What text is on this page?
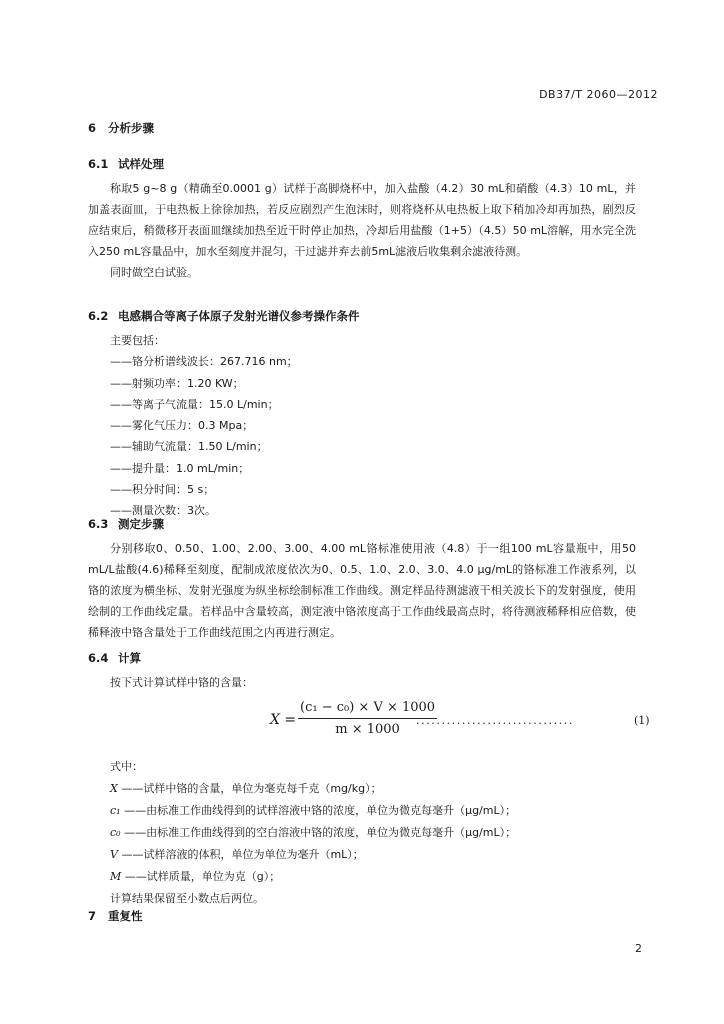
DB37/T 2060—2012
6 分析步骤
6.1 试样处理

称取5 g~8 g（精确至0.0001 g）试样于高脚烧杯中，加入盐酸（4.2）30 mL和硝酸（4.3）10 mL，并加盖表面皿，于电热板上徐徐加热，若反应剧烈产生泡沫时，则将烧杯从电热板上取下稍加冷却再加热，剧烈反应结束后，稍微移开表面皿继续加热至近干时停止加热，冷却后用盐酸（1+5）（4.5）50 mL溶解，用水完全洗入250 mL容量品中，加水至刻度并混匀，干过滤并弃去前5mL滤液后收集剩余滤液待测。

同时做空白试验。

6.2 电感耦合等离子体原子发射光谱仪参考操作条件
主要包括：
——铬分析谱线波长：267.716 nm；
——射频功率：1.20 KW；
——等离子气流量：15.0 L/min；
——雾化气压力：0.3 Mpa；
——辅助气流量：1.50 L/min；
——提升量：1.0 mL/min；
——积分时间：5 s；
——测量次数：3次。
6.3 测定步骤

分别移取0、0.50、1.00、2.00、3.00、4.00 mL铬标准使用液（4.8）于一组100 mL容量瓶中，用50 mL/L盐酸(4.6)稀释至刻度，配制成浓度依次为0、0.5、1.0、2.0、3.0、4.0 μg/mL的铬标准工作液系列，以铬的浓度为横坐标、发射光强度为纵坐标绘制标准工作曲线。测定样品待测滤液干相关波长下的发射强度，使用绘制的工作曲线定量。若样品中含量较高，测定液中铬浓度高于工作曲线最高点时，将待测液稀释相应倍数，使稀释液中铬含量处于工作曲线范围之内再进行测定。

6.4 计算
按下式计算试样中铬的含量：
X =
(c₁ − c₀) × V × 1000
m × 1000
...............................	(1)
式中：
X ——试样中铬的含量，单位为毫克每千克（mg/kg）；
c₁ ——由标准工作曲线得到的试样溶液中铬的浓度，单位为微克每毫升（μg/mL）；
c₀ ——由标准工作曲线得到的空白溶液中铬的浓度，单位为微克每毫升（μg/mL）；
V ——试样溶液的体积，单位为单位为毫升（mL）；
M ——试样质量，单位为克（g）；
计算结果保留至小数点后两位。
7 重复性
2
